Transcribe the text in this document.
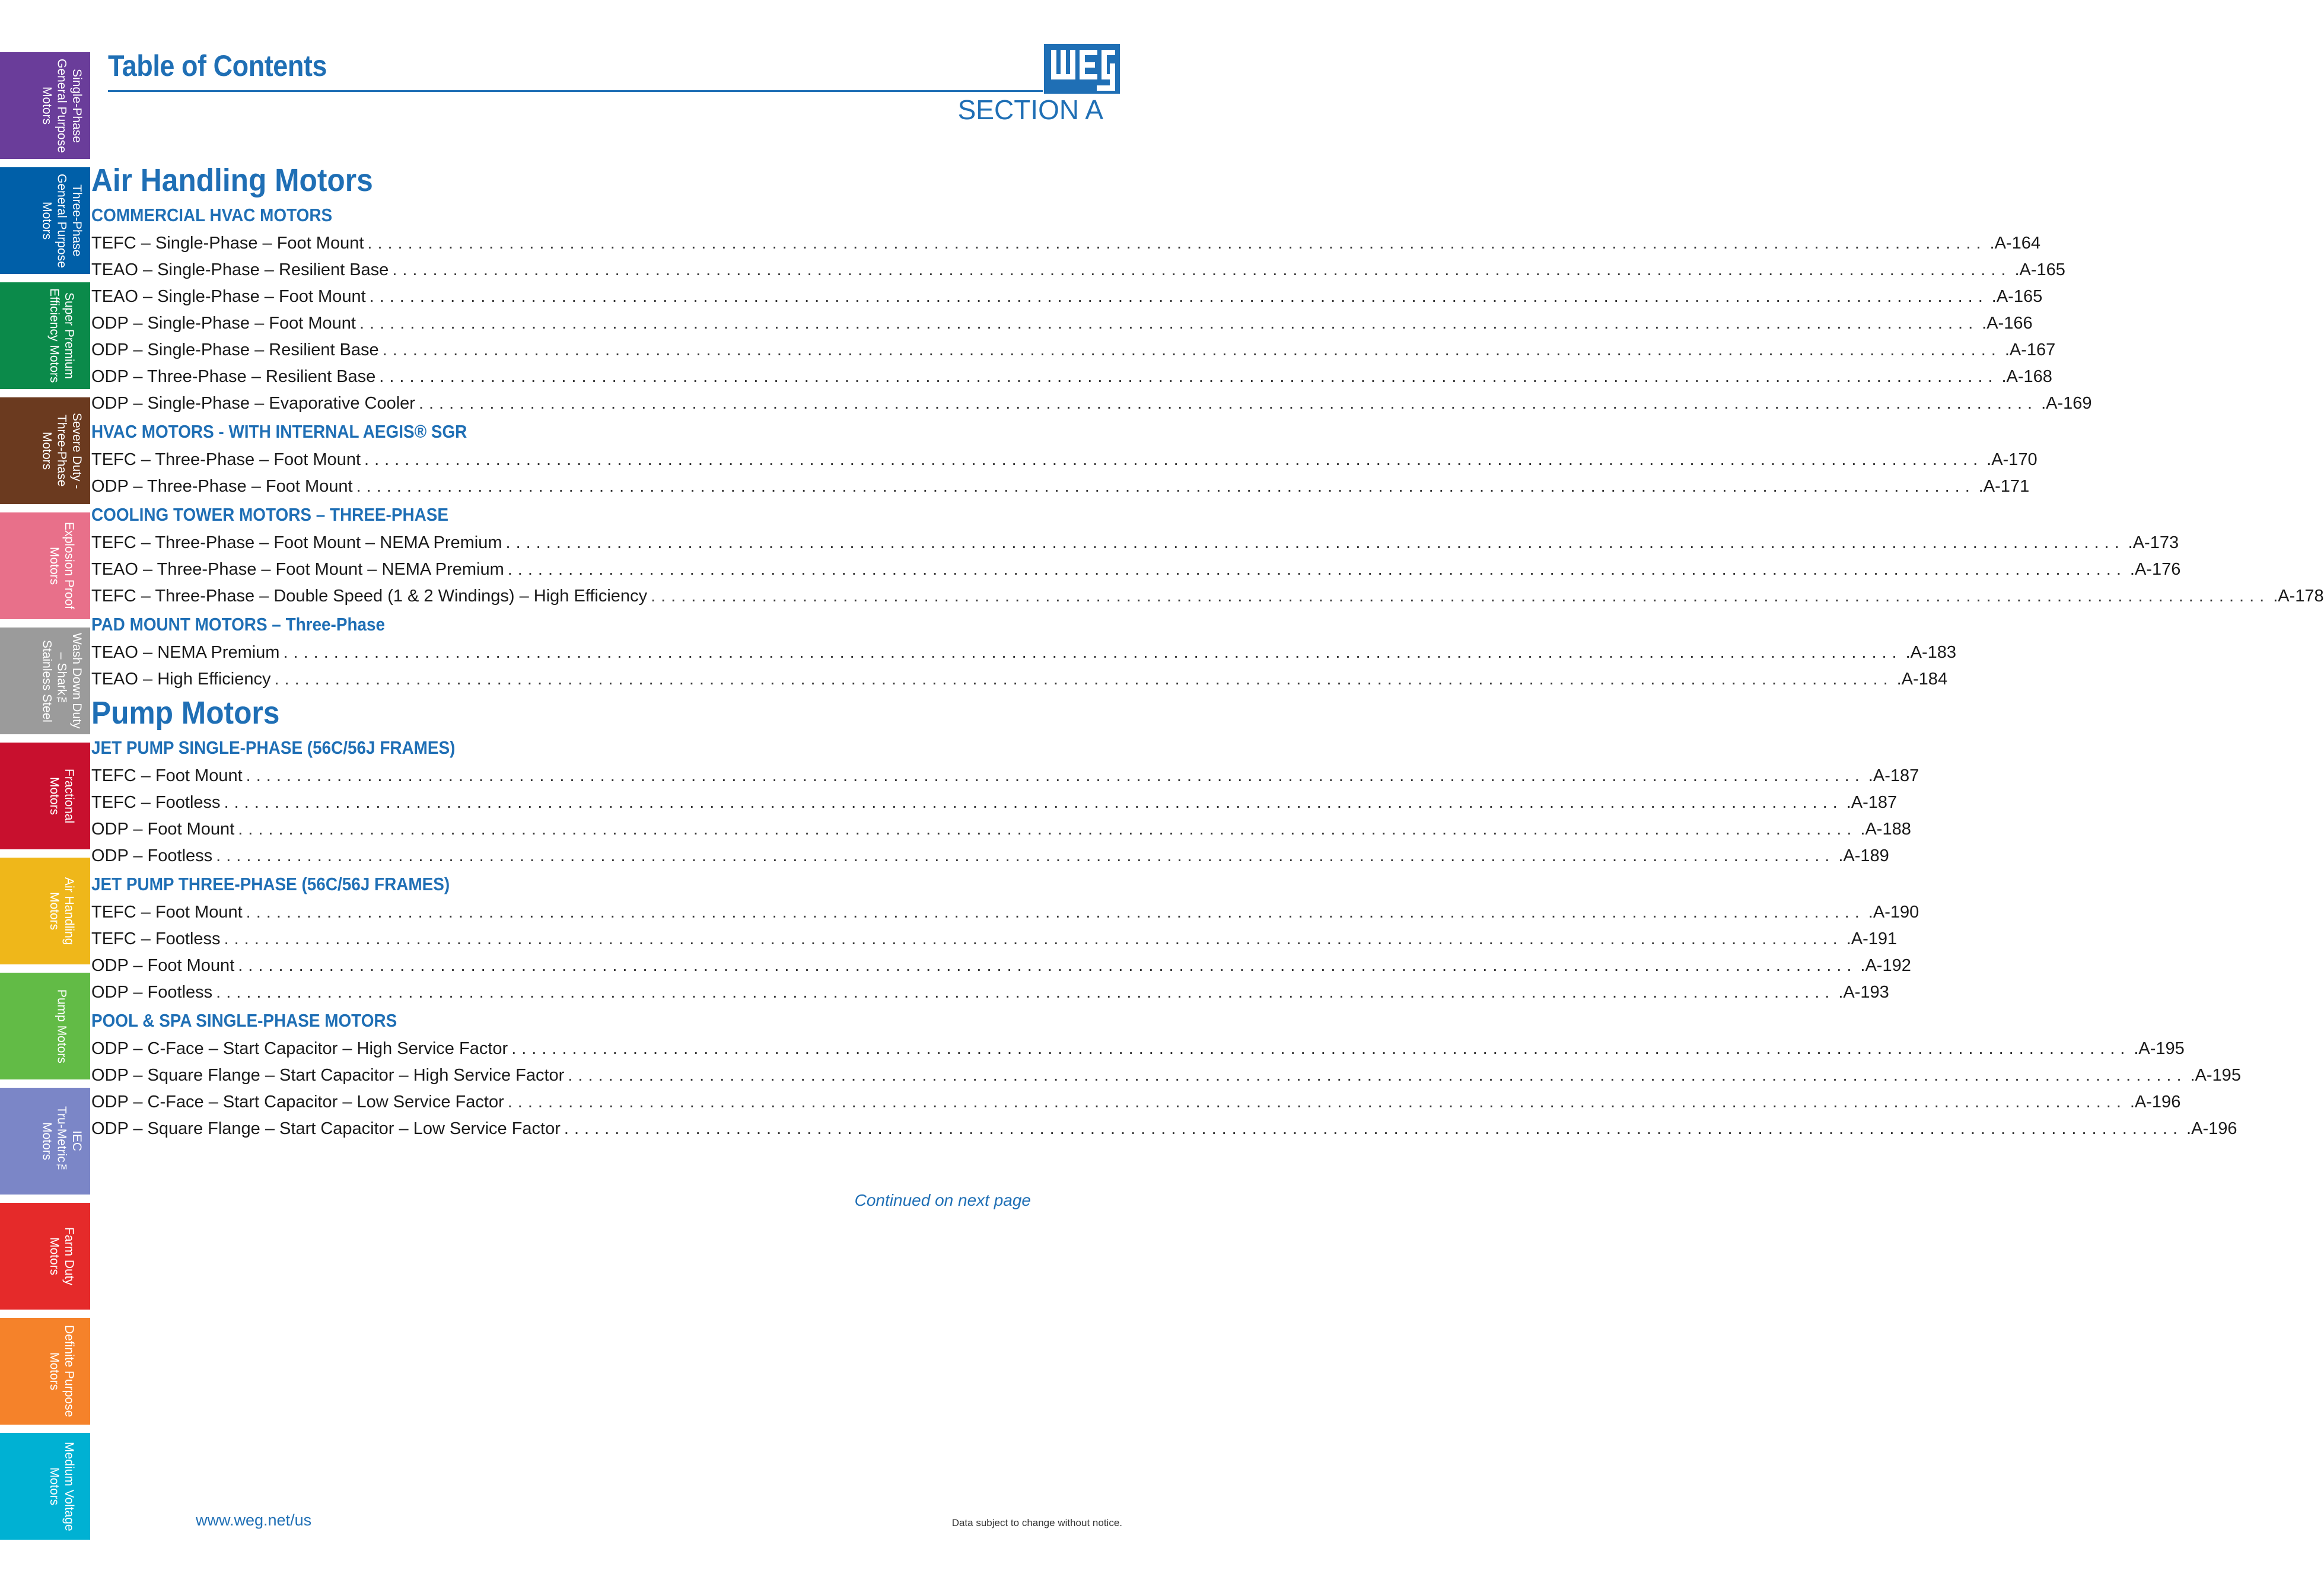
Single-Phase
General Purpose
Motors
Three-Phase
General Purpose
Motors
Super Premium
Efficiency Motors
Severe Duty -
Three-Phase
Motors
Explosion Proof
Motors
Wash Down Duty
– Shark™
Stainless Steel
Fractional
Motors
Air Handling
Motors
Pump Motors
IEC
Tru-Metric™
Motors
Farm Duty
Motors
Definite Purpose
Motors
Medium Voltage
Motors
Table of Contents
SECTION A
Air Handling Motors
COMMERCIAL HVAC MOTORS
TEFC – Single-Phase – Foot Mount ................................................................................................................................................................ .A-164
TEAO – Single-Phase – Resilient Base ................................................................................................................................................................ .A-165
TEAO – Single-Phase – Foot Mount ................................................................................................................................................................ .A-165
ODP – Single-Phase – Foot Mount ................................................................................................................................................................ .A-166
ODP – Single-Phase – Resilient Base ................................................................................................................................................................ .A-167
ODP – Three-Phase – Resilient Base ................................................................................................................................................................ .A-168
ODP – Single-Phase – Evaporative Cooler ................................................................................................................................................................ .A-169
HVAC MOTORS - WITH INTERNAL AEGIS® SGR
TEFC – Three-Phase – Foot Mount ................................................................................................................................................................ .A-170
ODP – Three-Phase – Foot Mount ................................................................................................................................................................ .A-171
COOLING TOWER MOTORS – THREE-PHASE
TEFC – Three-Phase – Foot Mount – NEMA Premium ................................................................................................................................................................ .A-173
TEAO – Three-Phase – Foot Mount – NEMA Premium ................................................................................................................................................................ .A-176
TEFC – Three-Phase – Double Speed (1 & 2 Windings) – High Efficiency ................................................................................................................................................................ .A-178
PAD MOUNT MOTORS – Three-Phase
TEAO – NEMA Premium ................................................................................................................................................................ .A-183
TEAO – High Efficiency ................................................................................................................................................................ .A-184
Pump Motors
JET PUMP SINGLE-PHASE (56C/56J FRAMES)
TEFC – Foot Mount ................................................................................................................................................................ .A-187
TEFC – Footless ................................................................................................................................................................ .A-187
ODP – Foot Mount ................................................................................................................................................................ .A-188
ODP – Footless ................................................................................................................................................................ .A-189
JET PUMP THREE-PHASE (56C/56J FRAMES)
TEFC – Foot Mount ................................................................................................................................................................ .A-190
TEFC – Footless ................................................................................................................................................................ .A-191
ODP – Foot Mount ................................................................................................................................................................ .A-192
ODP – Footless ................................................................................................................................................................ .A-193
POOL & SPA SINGLE-PHASE MOTORS
ODP – C-Face – Start Capacitor – High Service Factor ................................................................................................................................................................ .A-195
ODP – Square Flange – Start Capacitor – High Service Factor ................................................................................................................................................................ .A-195
ODP – C-Face – Start Capacitor – Low Service Factor ................................................................................................................................................................ .A-196
ODP – Square Flange – Start Capacitor – Low Service Factor ................................................................................................................................................................ .A-196
Continued on next page
www.weg.net/us	Data subject to change without notice.
